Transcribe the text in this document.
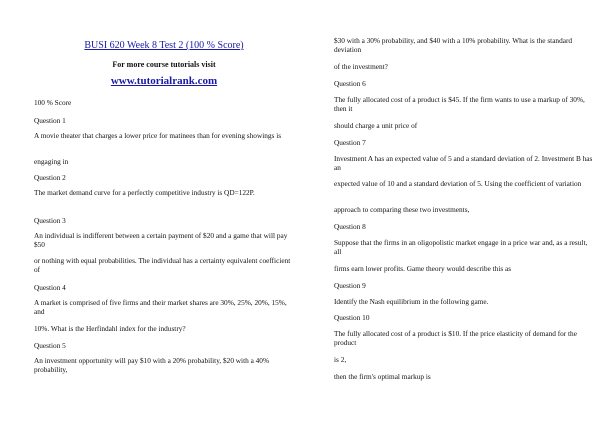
BUSI 620 Week 8 Test 2 (100 % Score)

For more course tutorials visit

www.tutorialrank.com

100 % Score

Question 1

A movie theater that charges a lower price for matinees than for evening showings is

engaging in

Question 2

The market demand curve for a perfectly competitive industry is QD=122P.

Question 3

An individual is indifferent between a certain payment of $20 and a game that will pay $50

or nothing with equal probabilities. The individual has a certainty equivalent coefficient of

Question 4

A market is comprised of five firms and their market shares are 30%, 25%, 20%, 15%, and

10%. What is the Herfindahl index for the industry?

Question 5

An investment opportunity will pay $10 with a 20% probability, $20 with a 40% probability,

$30 with a 30% probability, and $40 with a 10% probability. What is the standard deviation

of the investment?

Question 6

The fully allocated cost of a product is $45. If the firm wants to use a markup of 30%, then it

should charge a unit price of

Question 7

Investment A has an expected value of 5 and a standard deviation of 2. Investment B has an

expected value of 10 and a standard deviation of 5. Using the coefficient of variation

approach to comparing these two investments,

Question 8

Suppose that the firms in an oligopolistic market engage in a price war and, as a result, all

firms earn lower profits. Game theory would describe this as

Question 9

Identify the Nash equilibrium in the following game.

Question 10

The fully allocated cost of a product is $10. If the price elasticity of demand for the product

is 2,

then the firm's optimal markup is
